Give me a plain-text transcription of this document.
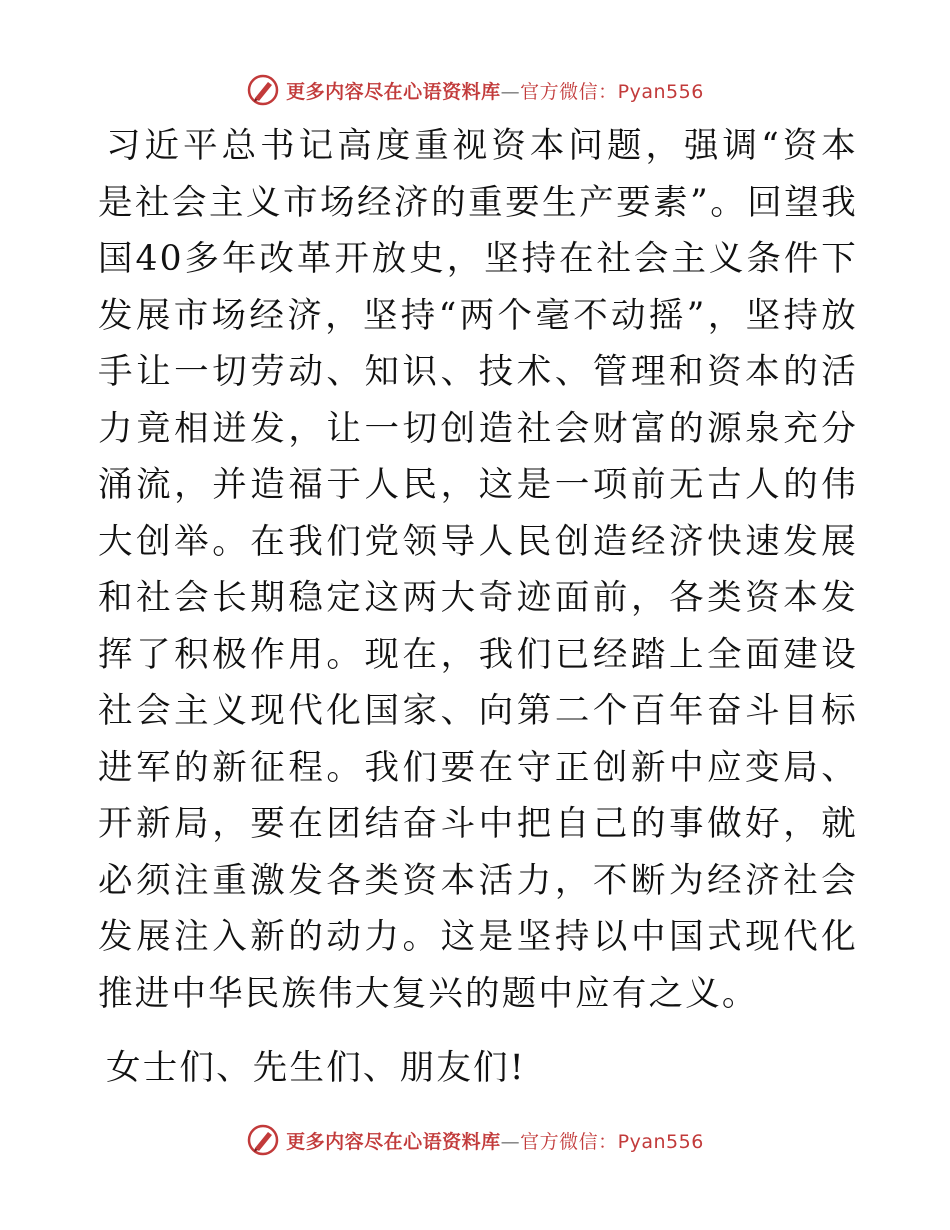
更多内容尽在心语资料库—官方微信：Pyan556

习近平总书记高度重视资本问题，强调“资本是社会主义市场经济的重要生产要素”。回望我国40多年改革开放史，坚持在社会主义条件下发展市场经济，坚持“两个毫不动摇”，坚持放手让一切劳动、知识、技术、管理和资本的活力竟相迸发，让一切创造社会财富的源泉充分涌流，并造福于人民，这是一项前无古人的伟大创举。在我们党领导人民创造经济快速发展和社会长期稳定这两大奇迹面前，各类资本发挥了积极作用。现在，我们已经踏上全面建设社会主义现代化国家、向第二个百年奋斗目标进军的新征程。我们要在守正创新中应变局、开新局，要在团结奋斗中把自己的事做好，就必须注重激发各类资本活力，不断为经济社会发展注入新的动力。这是坚持以中国式现代化推进中华民族伟大复兴的题中应有之义。

女士们、先生们、朋友们!

更多内容尽在心语资料库—官方微信：Pyan556
